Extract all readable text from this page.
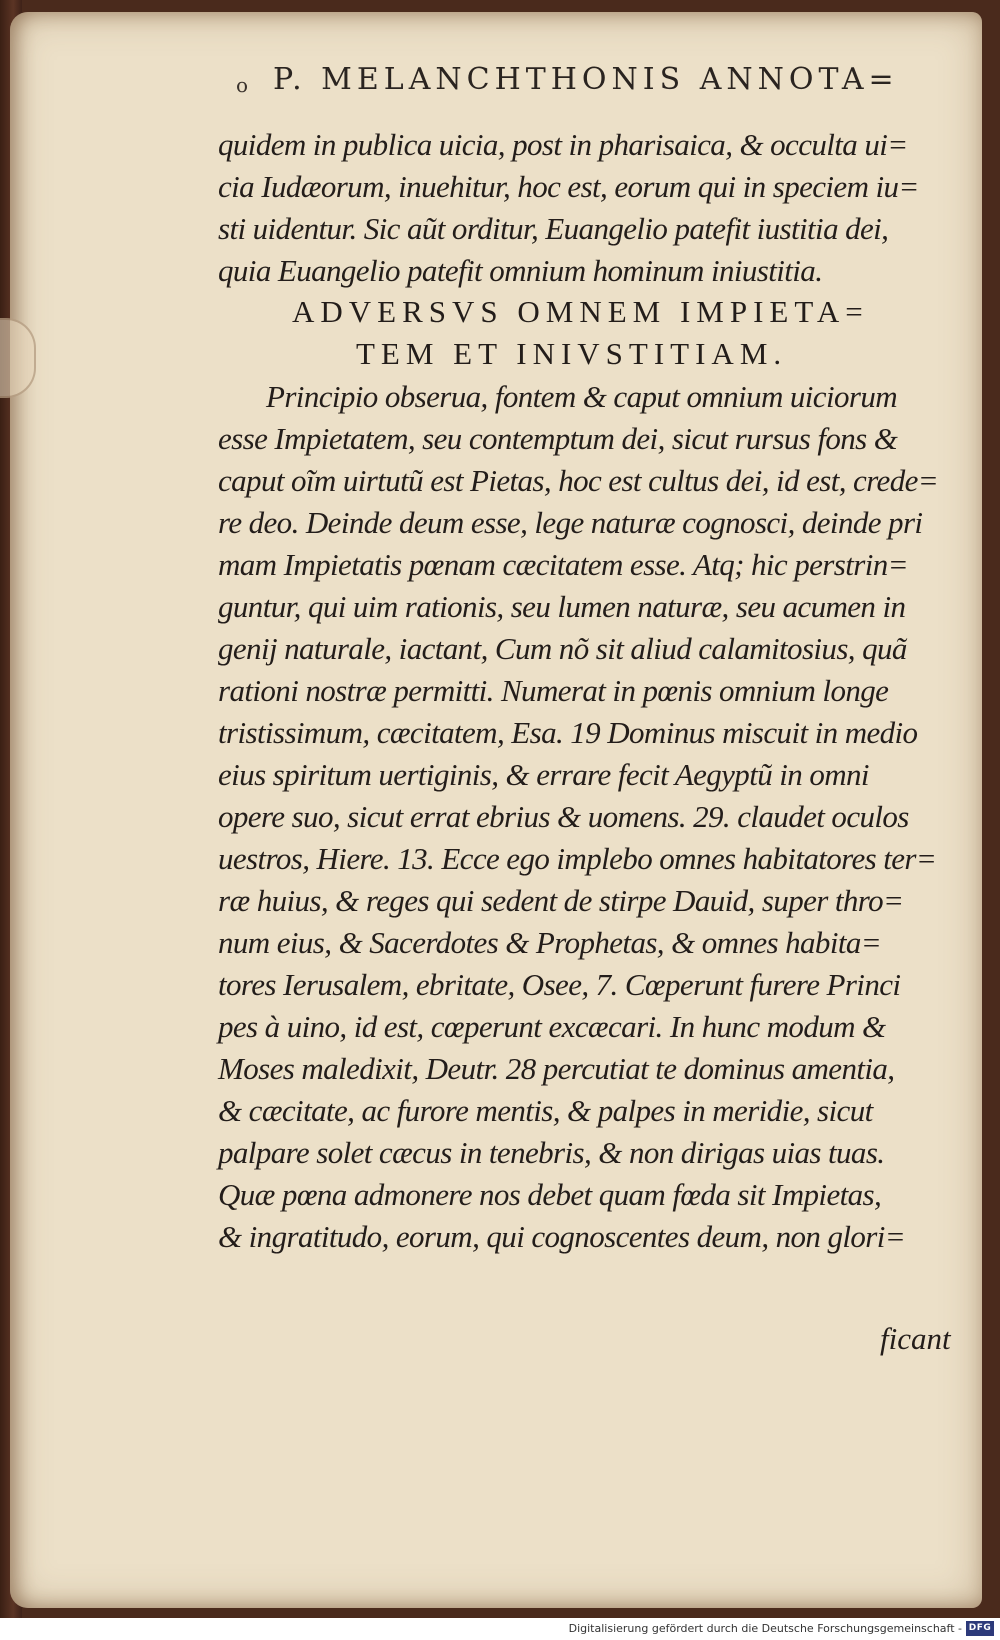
o P. MELANCHTHONIS ANNOTA=
quidem in publica uicia, post in pharisaica, & occulta ui=
cia Iudæorum, inuehitur, hoc est, eorum qui in speciem iu=
sti uidentur. Sic aũt orditur, Euangelio patefit iustitia dei,
quia Euangelio patefit omnium hominum iniustitia.
ADVERSVS OMNEM IMPIETA=
TEM ET INIVSTITIAM.
Principio obserua, fontem & caput omnium uiciorum
esse Impietatem, seu contemptum dei, sicut rursus fons &
caput oĩm uirtutũ est Pietas, hoc est cultus dei, id est, crede=
re deo. Deinde deum esse, lege naturæ cognosci, deinde pri
mam Impietatis pœnam cæcitatem esse. Atq; hic perstrin=
guntur, qui uim rationis, seu lumen naturæ, seu acumen in
genij naturale, iactant, Cum nõ sit aliud calamitosius, quã
rationi nostræ permitti. Numerat in pœnis omnium longe
tristissimum, cæcitatem, Esa. 19 Dominus miscuit in medio
eius spiritum uertiginis, & errare fecit Aegyptũ in omni
opere suo, sicut errat ebrius & uomens. 29. claudet oculos
uestros, Hiere. 13. Ecce ego implebo omnes habitatores ter=
ræ huius, & reges qui sedent de stirpe Dauid, super thro=
num eius, & Sacerdotes & Prophetas, & omnes habita=
tores Ierusalem, ebritate, Osee, 7. Cœperunt furere Princi
pes à uino, id est, cœperunt excæcari. In hunc modum &
Moses maledixit, Deutr. 28 percutiat te dominus amentia,
& cæcitate, ac furore mentis, & palpes in meridie, sicut
palpare solet cæcus in tenebris, & non dirigas uias tuas.
Quæ pœna admonere nos debet quam fœda sit Impietas,
& ingratitudo, eorum, qui cognoscentes deum, non glori=
ficant
Digitalisierung gefördert durch die Deutsche Forschungsgemeinschaft - DFG
